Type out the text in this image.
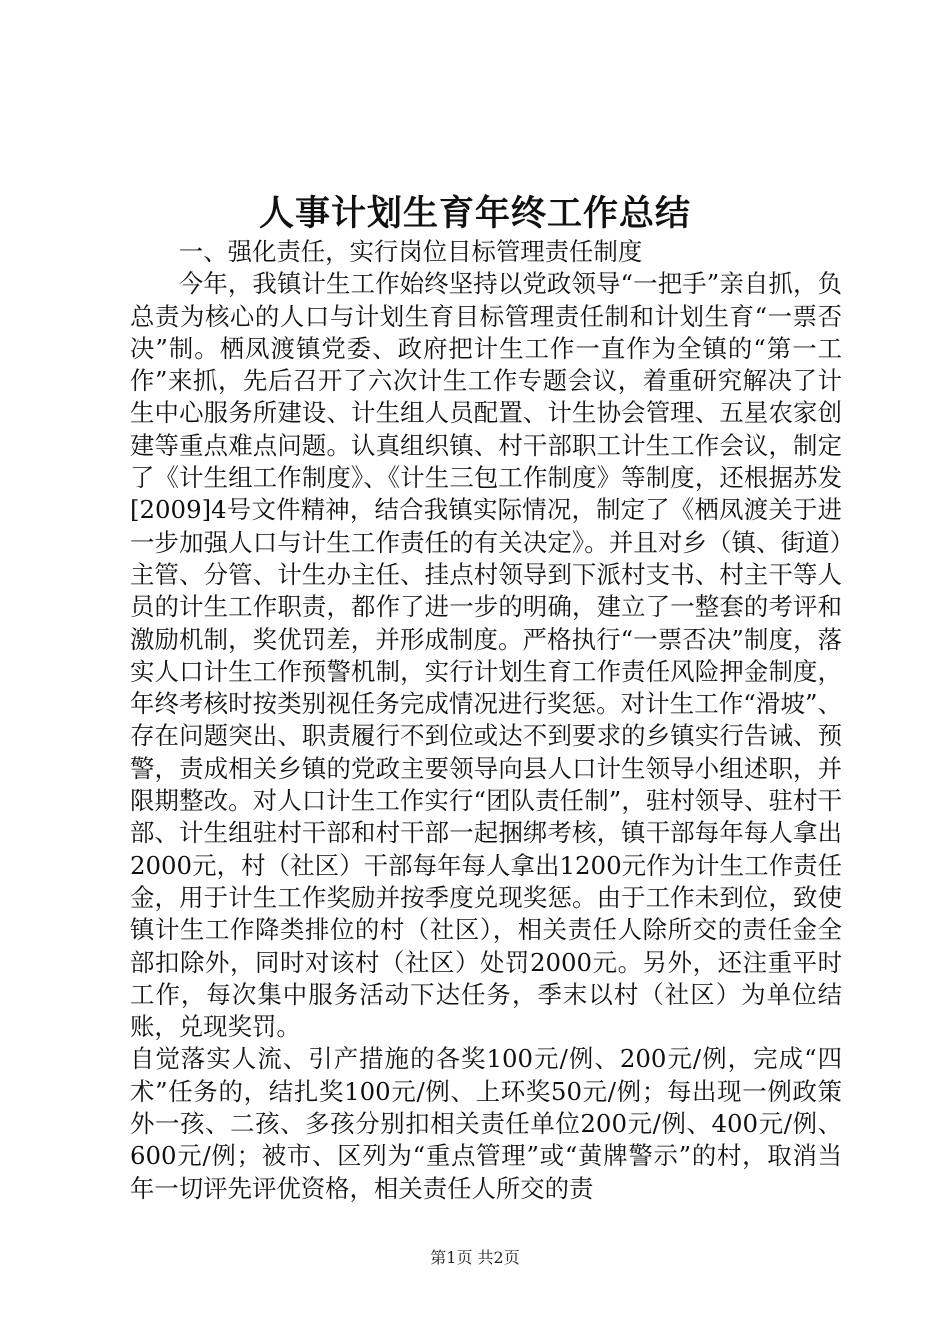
人事计划生育年终工作总结
一、强化责任，实行岗位目标管理责任制度

今年，我镇计生工作始终坚持以党政领导“一把手”亲自抓，负总责为核心的人口与计划生育目标管理责任制和计划生育“一票否决”制。栖凤渡镇党委、政府把计生工作一直作为全镇的“第一工作”来抓，先后召开了六次计生工作专题会议，着重研究解决了计生中心服务所建设、计生组人员配置、计生协会管理、五星农家创建等重点难点问题。认真组织镇、村干部职工计生工作会议，制定了《计生组工作制度》、《计生三包工作制度》等制度，还根据苏发[2009]4号文件精神，结合我镇实际情况，制定了《栖凤渡关于进一步加强人口与计生工作责任的有关决定》。并且对乡（镇、街道）主管、分管、计生办主任、挂点村领导到下派村支书、村主干等人员的计生工作职责，都作了进一步的明确，建立了一整套的考评和激励机制，奖优罚差，并形成制度。严格执行“一票否决”制度，落实人口计生工作预警机制，实行计划生育工作责任风险押金制度，年终考核时按类别视任务完成情况进行奖惩。对计生工作“滑坡”、存在问题突出、职责履行不到位或达不到要求的乡镇实行告诫、预警，责成相关乡镇的党政主要领导向县人口计生领导小组述职，并限期整改。对人口计生工作实行“团队责任制”，驻村领导、驻村干部、计生组驻村干部和村干部一起捆绑考核，镇干部每年每人拿出2000元，村（社区）干部每年每人拿出1200元作为计生工作责任金，用于计生工作奖励并按季度兑现奖惩。由于工作未到位，致使镇计生工作降类排位的村（社区），相关责任人除所交的责任金全部扣除外，同时对该村（社区）处罚2000元。另外，还注重平时工作，每次集中服务活动下达任务，季末以村（社区）为单位结账，兑现奖罚。

自觉落实人流、引产措施的各奖100元/例、200元/例，完成“四术”任务的，结扎奖100元/例、上环奖50元/例；每出现一例政策外一孩、二孩、多孩分别扣相关责任单位200元/例、400元/例、600元/例；被市、区列为“重点管理”或“黄牌警示”的村，取消当年一切评先评优资格，相关责任人所交的责
第1页 共2页
